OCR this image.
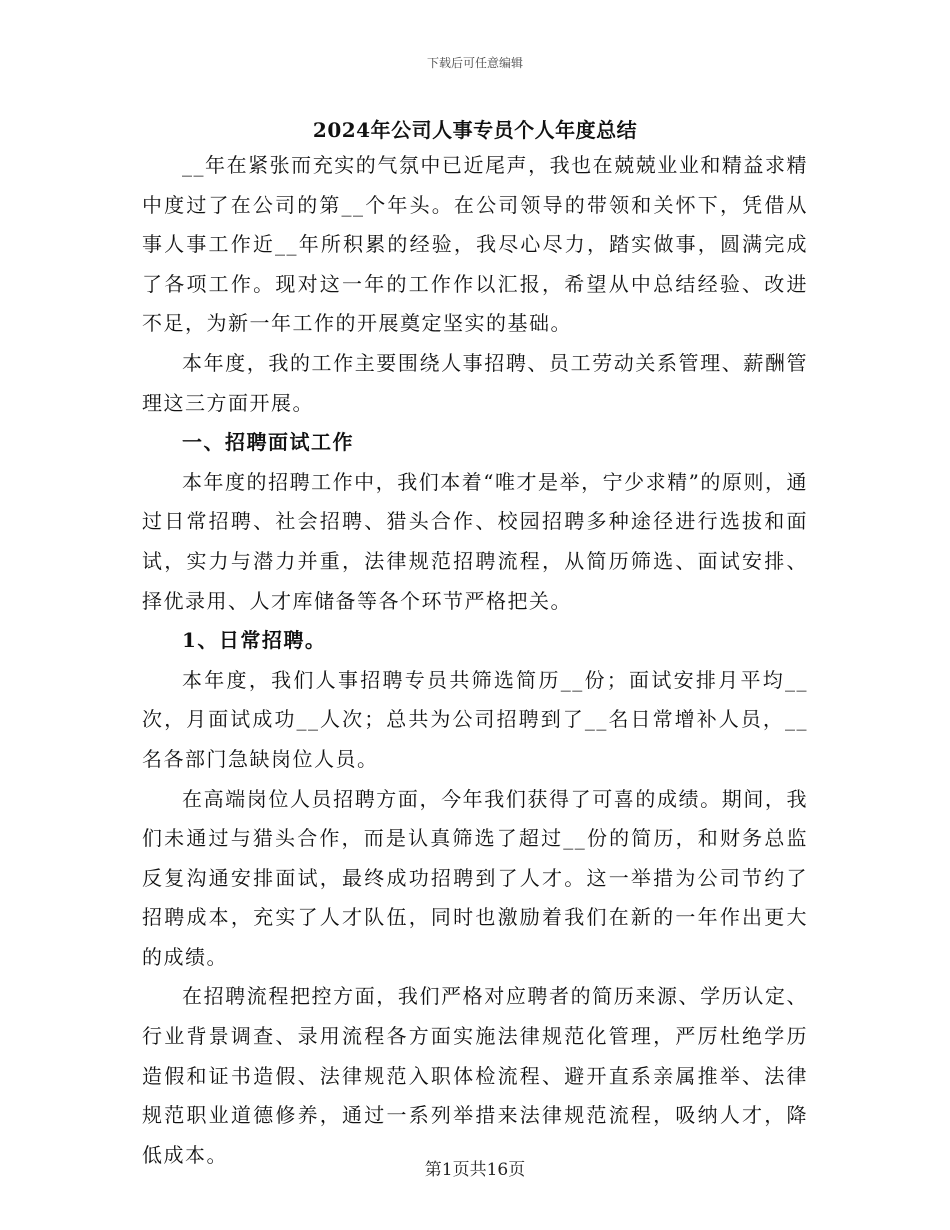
下载后可任意编辑
2024年公司人事专员个人年度总结

__年在紧张而充实的气氛中已近尾声，我也在兢兢业业和精益求精中度过了在公司的第__个年头。在公司领导的带领和关怀下，凭借从事人事工作近__年所积累的经验，我尽心尽力，踏实做事，圆满完成了各项工作。现对这一年的工作作以汇报，希望从中总结经验、改进不足，为新一年工作的开展奠定坚实的基础。

本年度，我的工作主要围绕人事招聘、员工劳动关系管理、薪酬管理这三方面开展。

一、招聘面试工作

本年度的招聘工作中，我们本着“唯才是举，宁少求精”的原则，通过日常招聘、社会招聘、猎头合作、校园招聘多种途径进行选拔和面试，实力与潜力并重，法律规范招聘流程，从简历筛选、面试安排、择优录用、人才库储备等各个环节严格把关。

1、日常招聘。

本年度，我们人事招聘专员共筛选简历__份；面试安排月平均__次，月面试成功__人次；总共为公司招聘到了__名日常增补人员，__名各部门急缺岗位人员。

在高端岗位人员招聘方面，今年我们获得了可喜的成绩。期间，我们未通过与猎头合作，而是认真筛选了超过__份的简历，和财务总监反复沟通安排面试，最终成功招聘到了人才。这一举措为公司节约了招聘成本，充实了人才队伍，同时也激励着我们在新的一年作出更大的成绩。

在招聘流程把控方面，我们严格对应聘者的简历来源、学历认定、行业背景调查、录用流程各方面实施法律规范化管理，严厉杜绝学历造假和证书造假、法律规范入职体检流程、避开直系亲属推举、法律规范职业道德修养，通过一系列举措来法律规范流程，吸纳人才，降低成本。

第1页共16页
